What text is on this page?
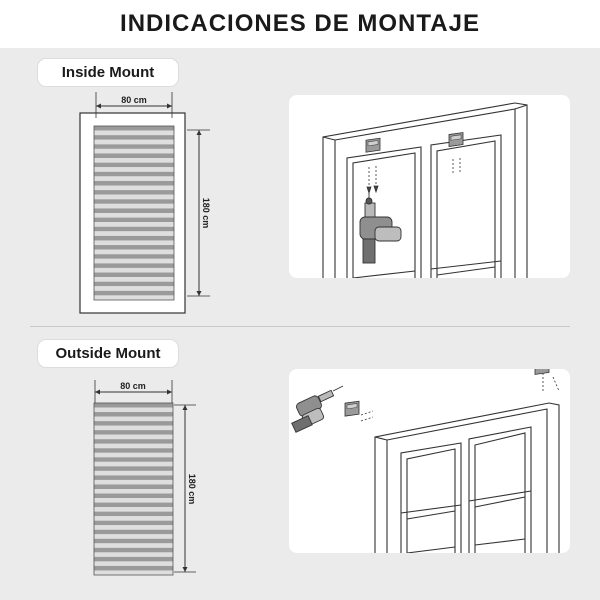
INDICACIONES DE MONTAJE
Inside Mount
Outside Mount
80 cm
180 cm
80 cm
180 cm
